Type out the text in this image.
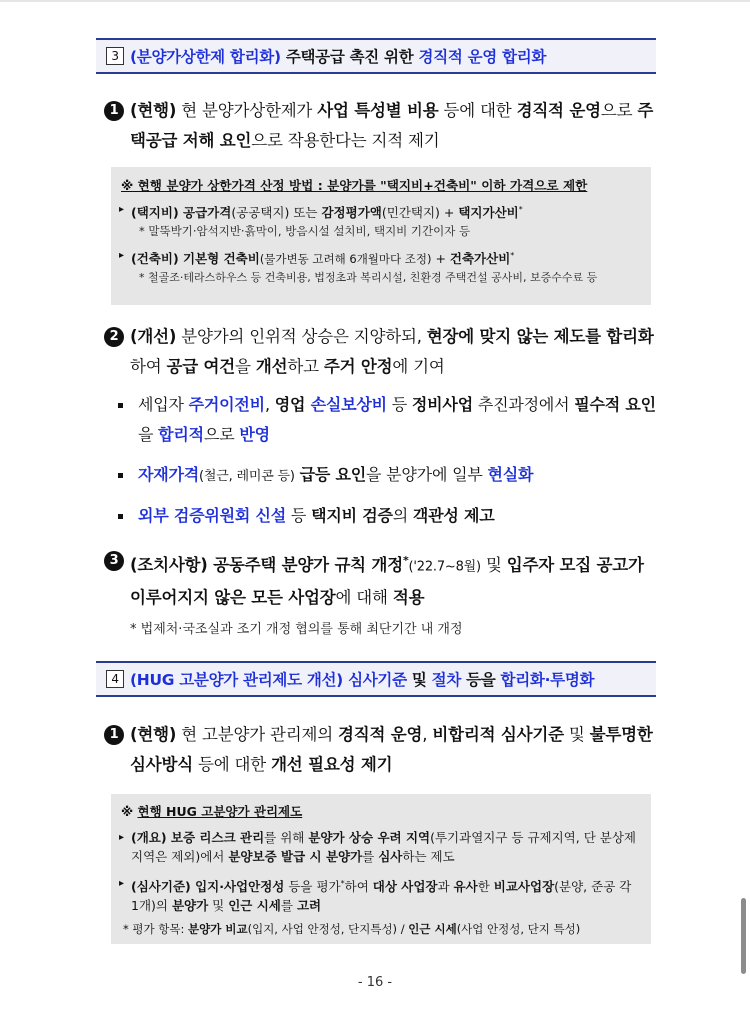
3 (분양가상한제 합리화) 주택공급 촉진 위한 경직적 운영 합리화
1 (현행) 현 분양가상한제가 사업 특성별 비용 등에 대한 경직적 운영으로 주택공급 저해 요인으로 작용한다는 지적 제기
※ 현행 분양가 상한가격 산정 방법 : 분양가를 "택지비+건축비" 이하 가격으로 제한
▸ (택지비) 공급가격(공공택지) 또는 감정평가액(민간택지) + 택지가산비*
* 말뚝박기·암석지반·흙막이, 방음시설 설치비, 택지비 기간이자 등
▸ (건축비) 기본형 건축비(물가변동 고려해 6개월마다 조정) + 건축가산비*
* 철골조·테라스하우스 등 건축비용, 법정초과 복리시설, 친환경 주택건설 공사비, 보증수수료 등
2 (개선) 분양가의 인위적 상승은 지양하되, 현장에 맞지 않는 제도를 합리화하여 공급 여건을 개선하고 주거 안정에 기여
세입자 주거이전비, 영업 손실보상비 등 정비사업 추진과정에서 필수적 요인을 합리적으로 반영
자재가격(철근, 레미콘 등) 급등 요인을 분양가에 일부 현실화
외부 검증위원회 신설 등 택지비 검증의 객관성 제고
3 (조치사항) 공동주택 분양가 규칙 개정*('22.7~8월) 및 입주자 모집 공고가 이루어지지 않은 모든 사업장에 대해 적용
* 법제처·국조실과 조기 개정 협의를 통해 최단기간 내 개정
4 (HUG 고분양가 관리제도 개선) 심사기준 및 절차 등을 합리화·투명화
1 (현행) 현 고분양가 관리제의 경직적 운영, 비합리적 심사기준 및 불투명한 심사방식 등에 대한 개선 필요성 제기
※ 현행 HUG 고분양가 관리제도
▸ (개요) 보증 리스크 관리를 위해 분양가 상승 우려 지역(투기과열지구 등 규제지역, 단 분상제 지역은 제외)에서 분양보증 발급 시 분양가를 심사하는 제도
▸ (심사기준) 입지·사업안정성 등을 평가*하여 대상 사업장과 유사한 비교사업장(분양, 준공 각 1개)의 분양가 및 인근 시세를 고려
* 평가 항목: 분양가 비교(입지, 사업 안정성, 단지특성) / 인근 시세(사업 안정성, 단지 특성)
- 16 -
